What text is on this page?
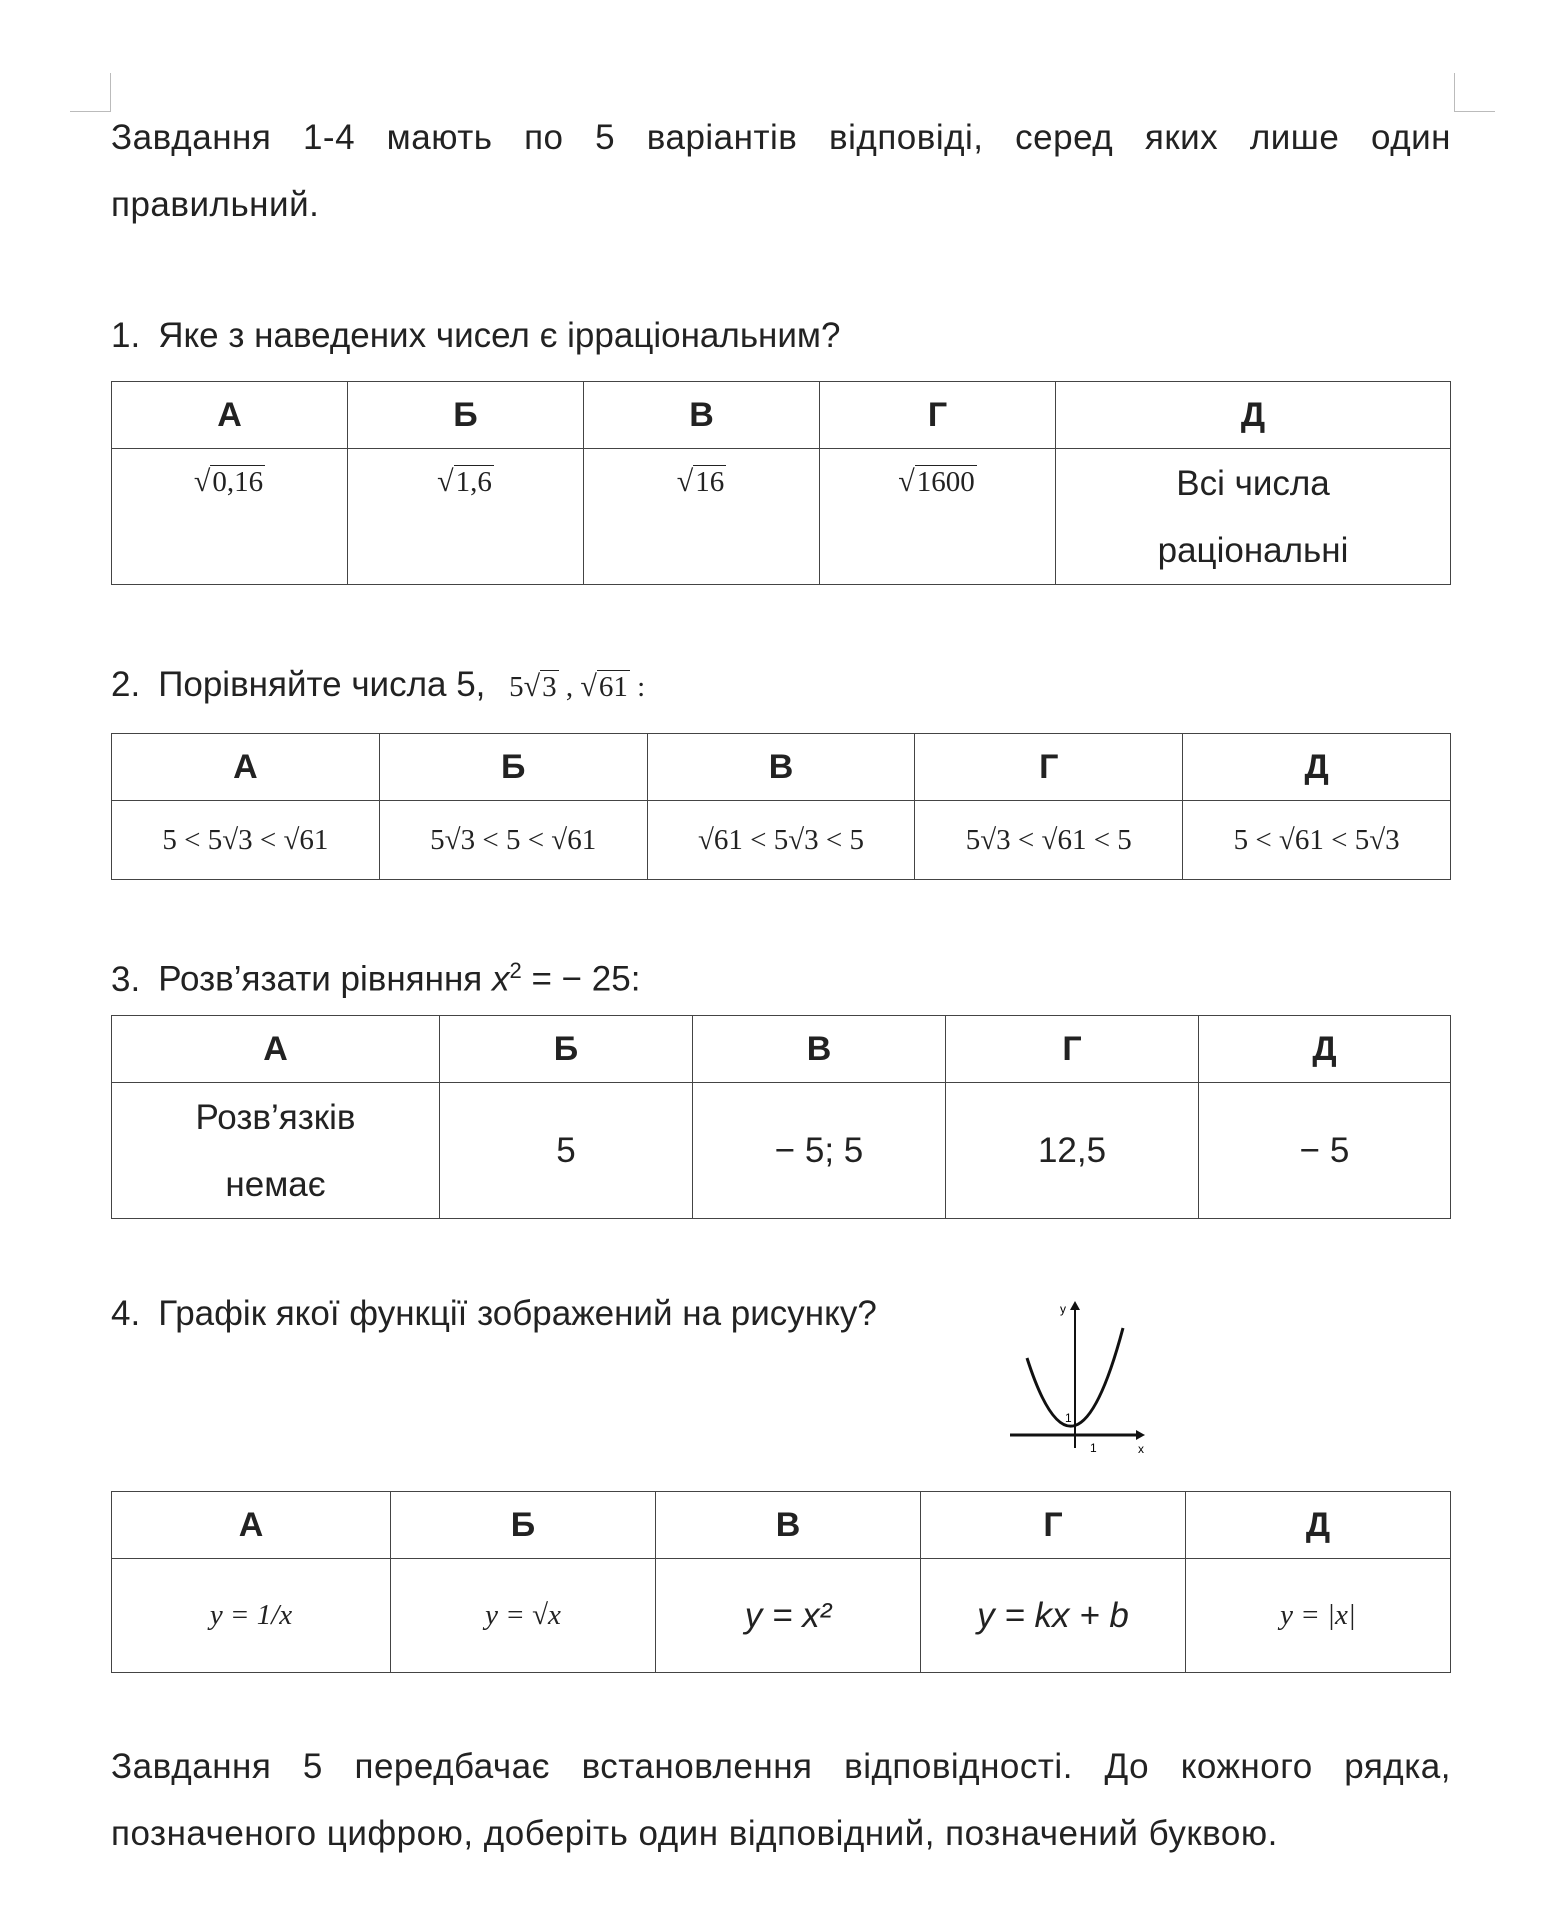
Завдання 1-4 мають по 5 варіантів відповіді, серед яких лише один правильний.
1. Яке з наведених чисел є ірраціональним?
А	Б	В	Г	Д
√0,16	√1,6	√16	√1600	Всі числа раціональні
2. Порівняйте числа 5, 5√3 , √61 :
А	Б	В	Г	Д
5 < 5√3 < √61	5√3 < 5 < √61	√61 < 5√3 < 5	5√3 < √61 < 5	5 < √61 < 5√3
3. Розв’язати рівняння $x^2$ = − 25:
А	Б	В	Г	Д
Розв’язків немає	5	− 5; 5	12,5	− 5
4. Графік якої функції зображений на рисунку?	y
x
1
1
А	Б	В	Г	Д
y = 1/x	y = √x	y = x²	y = kx + b	y = |x|
Завдання 5 передбачає встановлення відповідності. До кожного рядка, позначеного цифрою, доберіть один відповідний, позначений буквою.
